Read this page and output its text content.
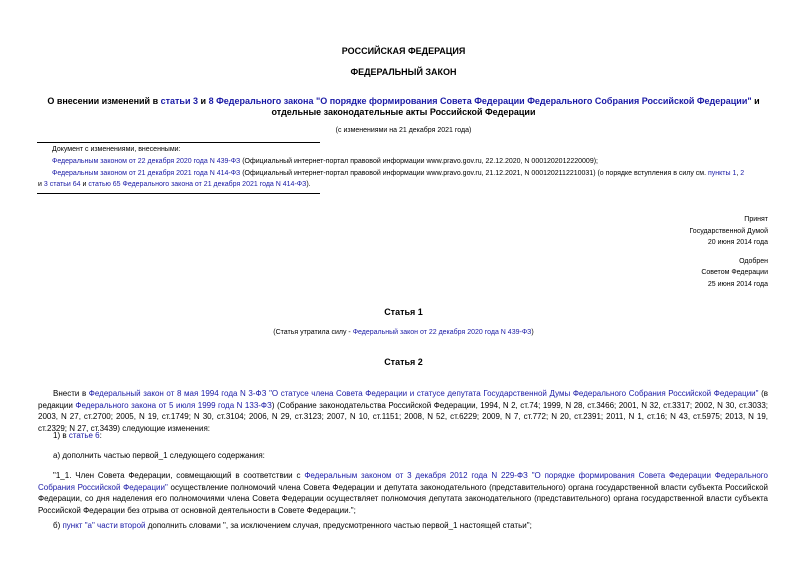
РОССИЙСКАЯ ФЕДЕРАЦИЯ
ФЕДЕРАЛЬНЫЙ ЗАКОН
О внесении изменений в статьи 3 и 8 Федерального закона "О порядке формирования Совета Федерации Федерального Собрания Российской Федерации" и
отдельные законодательные акты Российской Федерации
(с изменениями на 21 декабря 2021 года)
Документ с изменениями, внесенными:
Федеральным законом от 22 декабря 2020 года N 439-ФЗ (Официальный интернет-портал правовой информации www.pravo.gov.ru, 22.12.2020, N 0001202012220009);
Федеральным законом от 21 декабря 2021 года N 414-ФЗ (Официальный интернет-портал правовой информации www.pravo.gov.ru, 21.12.2021, N 0001202112210031) (о порядке вступления в силу см. пункты 1, 2
и 3 статьи 64 и статью 65 Федерального закона от 21 декабря 2021 года N 414-ФЗ).
Принят
Государственной Думой
20 июня 2014 года
Одобрен
Советом Федерации
25 июня 2014 года
Статья 1
(Статья утратила силу - Федеральный закон от 22 декабря 2020 года N 439-ФЗ)
Статья 2
Внести в Федеральный закон от 8 мая 1994 года N 3-ФЗ "О статусе члена Совета Федерации и статусе депутата Государственной Думы Федерального Собрания Российской Федерации" (в редакции Федерального закона от 5 июля 1999 года N 133-ФЗ) (Собрание законодательства Российской Федерации, 1994, N 2, ст.74; 1999, N 28, ст.3466; 2001, N 32, ст.3317; 2002, N 30, ст.3033; 2003, N 27, ст.2700; 2005, N 19, ст.1749; N 30, ст.3104; 2006, N 29, ст.3123; 2007, N 10, ст.1151; 2008, N 52, ст.6229; 2009, N 7, ст.772; N 20, ст.2391; 2011, N 1, ст.16; N 43, ст.5975; 2013, N 19, ст.2329; N 27, ст.3439) следующие изменения:
1) в статье 6:
а) дополнить частью первой_1 следующего содержания:
"1_1. Член Совета Федерации, совмещающий в соответствии с Федеральным законом от 3 декабря 2012 года N 229-ФЗ "О порядке формирования Совета Федерации Федерального Собрания Российской Федерации" осуществление полномочий члена Совета Федерации и депутата законодательного (представительного) органа государственной власти субъекта Российской Федерации, со дня наделения его полномочиями члена Совета Федерации осуществляет полномочия депутата законодательного (представительного) органа государственной власти субъекта Российской Федерации без отрыва от основной деятельности в Совете Федерации.";
б) пункт "а" части второй дополнить словами ", за исключением случая, предусмотренного частью первой_1 настоящей статьи";
